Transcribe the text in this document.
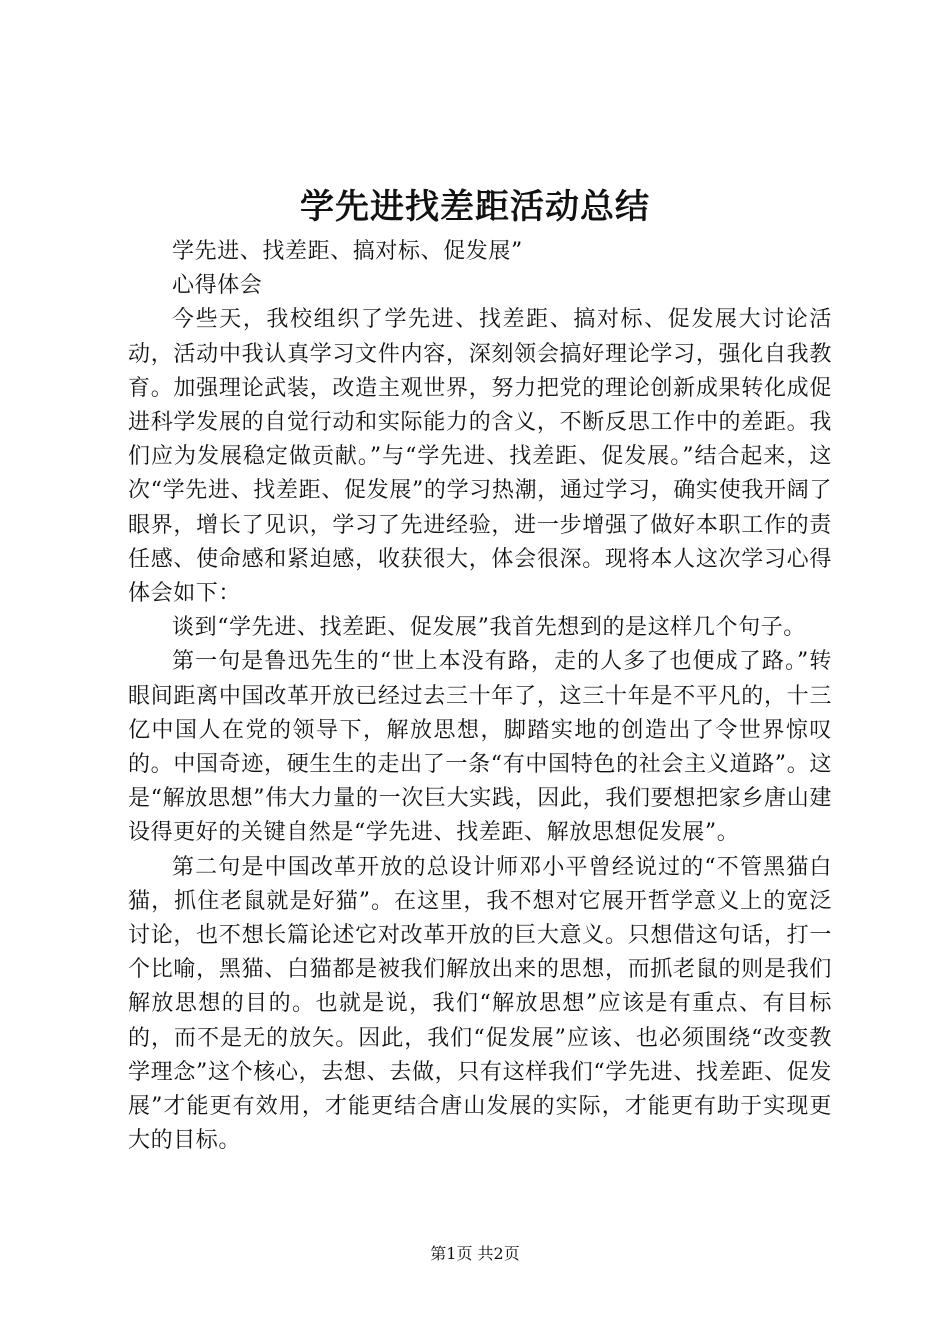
学先进找差距活动总结

学先进、找差距、搞对标、促发展”

心得体会

今些天，我校组织了学先进、找差距、搞对标、促发展大讨论活动，活动中我认真学习文件内容，深刻领会搞好理论学习，强化自我教育。加强理论武装，改造主观世界，努力把党的理论创新成果转化成促进科学发展的自觉行动和实际能力的含义，不断反思工作中的差距。我们应为发展稳定做贡献。”与“学先进、找差距、促发展。”结合起来，这次“学先进、找差距、促发展”的学习热潮，通过学习，确实使我开阔了眼界，增长了见识，学习了先进经验，进一步增强了做好本职工作的责任感、使命感和紧迫感，收获很大，体会很深。现将本人这次学习心得体会如下：

谈到“学先进、找差距、促发展”我首先想到的是这样几个句子。

第一句是鲁迅先生的“世上本没有路，走的人多了也便成了路。”转眼间距离中国改革开放已经过去三十年了，这三十年是不平凡的，十三亿中国人在党的领导下，解放思想，脚踏实地的创造出了令世界惊叹的。中国奇迹，硬生生的走出了一条“有中国特色的社会主义道路”。这是“解放思想”伟大力量的一次巨大实践，因此，我们要想把家乡唐山建设得更好的关键自然是“学先进、找差距、解放思想促发展”。

第二句是中国改革开放的总设计师邓小平曾经说过的“不管黑猫白猫，抓住老鼠就是好猫”。在这里，我不想对它展开哲学意义上的宽泛讨论，也不想长篇论述它对改革开放的巨大意义。只想借这句话，打一个比喻，黑猫、白猫都是被我们解放出来的思想，而抓老鼠的则是我们解放思想的目的。也就是说，我们“解放思想”应该是有重点、有目标的，而不是无的放矢。因此，我们“促发展”应该、也必须围绕“改变教学理念”这个核心，去想、去做，只有这样我们“学先进、找差距、促发展”才能更有效用，才能更结合唐山发展的实际，才能更有助于实现更大的目标。

第1页 共2页
